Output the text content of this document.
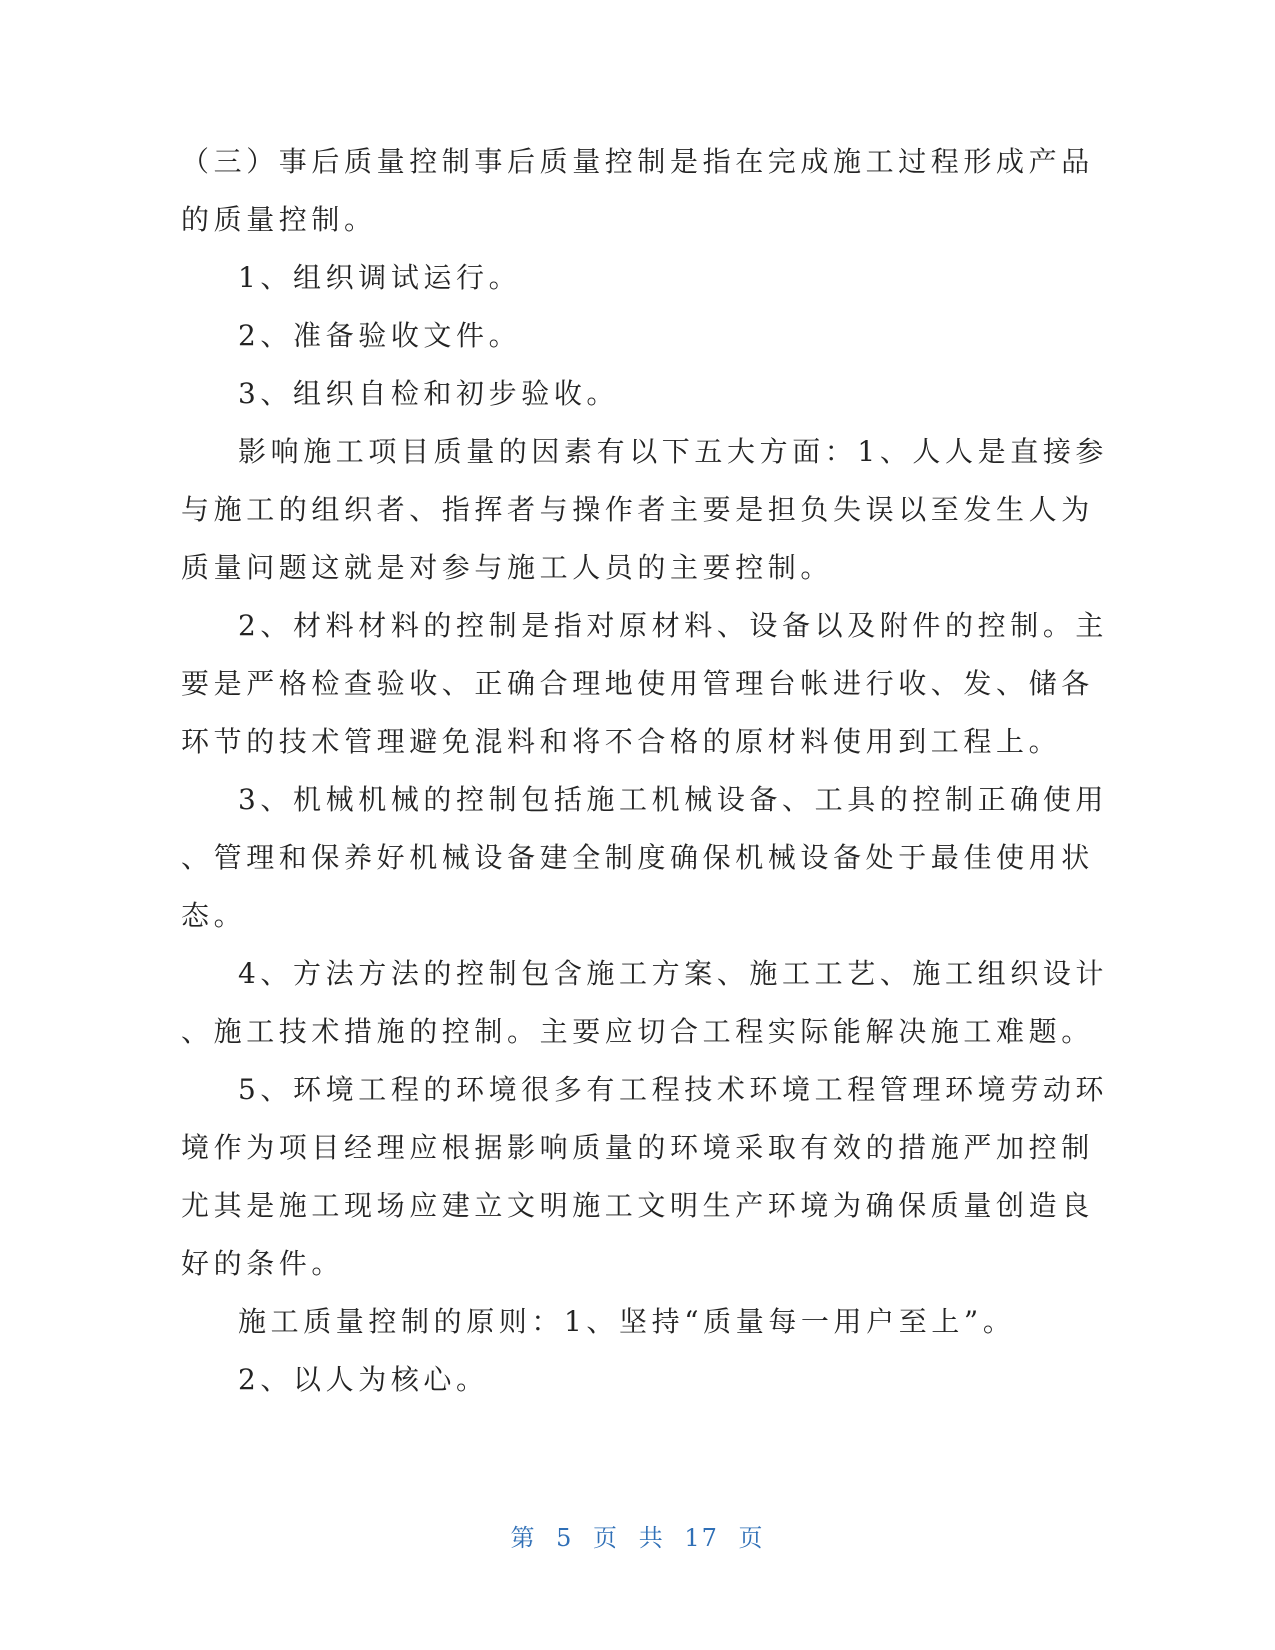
（三）事后质量控制事后质量控制是指在完成施工过程形成产品
的质量控制。
1、组织调试运行。
2、准备验收文件。
3、组织自检和初步验收。
影响施工项目质量的因素有以下五大方面：1、人人是直接参
与施工的组织者、指挥者与操作者主要是担负失误以至发生人为
质量问题这就是对参与施工人员的主要控制。
2、材料材料的控制是指对原材料、设备以及附件的控制。主
要是严格检查验收、正确合理地使用管理台帐进行收、发、储各
环节的技术管理避免混料和将不合格的原材料使用到工程上。
3、机械机械的控制包括施工机械设备、工具的控制正确使用
、管理和保养好机械设备建全制度确保机械设备处于最佳使用状
态。
4、方法方法的控制包含施工方案、施工工艺、施工组织设计
、施工技术措施的控制。主要应切合工程实际能解决施工难题。
5、环境工程的环境很多有工程技术环境工程管理环境劳动环
境作为项目经理应根据影响质量的环境采取有效的措施严加控制
尤其是施工现场应建立文明施工文明生产环境为确保质量创造良
好的条件。
施工质量控制的原则：1、坚持“质量每一用户至上”。
2、以人为核心。
第 5 页 共 17 页
